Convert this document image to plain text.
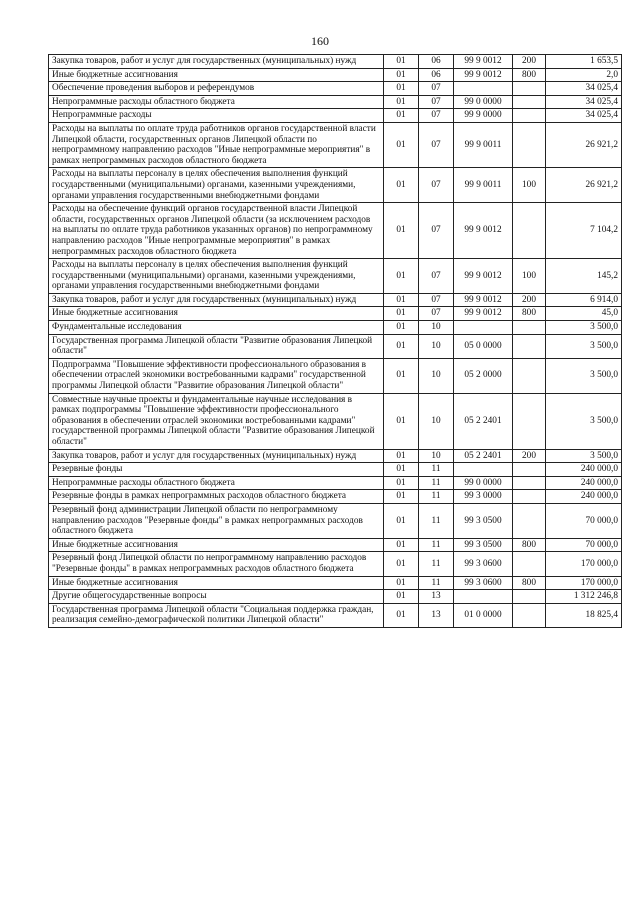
160
Закупка товаров, работ и услуг для государственных (муниципальных) нужд	01	06	99 9 0012	200	1 653,5
Иные бюджетные ассигнования	01	06	99 9 0012	800	2,0
Обеспечение проведения выборов и референдумов	01	07			34 025,4
Непрограммные расходы областного бюджета	01	07	99 0 0000		34 025,4
Непрограммные расходы	01	07	99 9 0000		34 025,4
Расходы на выплаты по оплате труда работников органов государственной власти Липецкой области, государственных органов Липецкой области по непрограммному направлению расходов "Иные непрограммные мероприятия" в рамках непрограммных расходов областного бюджета	01	07	99 9 0011		26 921,2
Расходы на выплаты персоналу в целях обеспечения выполнения функций государственными (муниципальными) органами, казенными учреждениями, органами управления государственными внебюджетными фондами	01	07	99 9 0011	100	26 921,2
Расходы на обеспечение функций органов государственной власти Липецкой области, государственных органов Липецкой области (за исключением расходов на выплаты по оплате труда работников указанных органов) по непрограммному направлению расходов "Иные непрограммные мероприятия" в рамках непрограммных расходов областного бюджета	01	07	99 9 0012		7 104,2
Расходы на выплаты персоналу в целях обеспечения выполнения функций государственными (муниципальными) органами, казенными учреждениями, органами управления государственными внебюджетными фондами	01	07	99 9 0012	100	145,2
Закупка товаров, работ и услуг для государственных (муниципальных) нужд	01	07	99 9 0012	200	6 914,0
Иные бюджетные ассигнования	01	07	99 9 0012	800	45,0
Фундаментальные исследования	01	10			3 500,0
Государственная программа Липецкой области "Развитие образования Липецкой области"	01	10	05 0 0000		3 500,0
Подпрограмма "Повышение эффективности профессионального образования в обеспечении отраслей экономики востребованными кадрами" государственной программы Липецкой области "Развитие образования Липецкой области"	01	10	05 2 0000		3 500,0
Совместные научные проекты и фундаментальные научные исследования в рамках подпрограммы "Повышение эффективности профессионального образования в обеспечении отраслей экономики востребованными кадрами" государственной программы Липецкой области "Развитие образования Липецкой области"	01	10	05 2 2401		3 500,0
Закупка товаров, работ и услуг для государственных (муниципальных) нужд	01	10	05 2 2401	200	3 500,0
Резервные фонды	01	11			240 000,0
Непрограммные расходы областного бюджета	01	11	99 0 0000		240 000,0
Резервные фонды в рамках непрограммных расходов областного бюджета	01	11	99 3 0000		240 000,0
Резервный фонд администрации Липецкой области по непрограммному направлению расходов "Резервные фонды" в рамках непрограммных расходов областного бюджета	01	11	99 3 0500		70 000,0
Иные бюджетные ассигнования	01	11	99 3 0500	800	70 000,0
Резервный фонд Липецкой области по непрограммному направлению расходов "Резервные фонды" в рамках непрограммных расходов областного бюджета	01	11	99 3 0600		170 000,0
Иные бюджетные ассигнования	01	11	99 3 0600	800	170 000,0
Другие общегосударственные вопросы	01	13			1 312 246,8
Государственная программа Липецкой области "Социальная поддержка граждан, реализация семейно-демографической политики Липецкой области"	01	13	01 0 0000		18 825,4
